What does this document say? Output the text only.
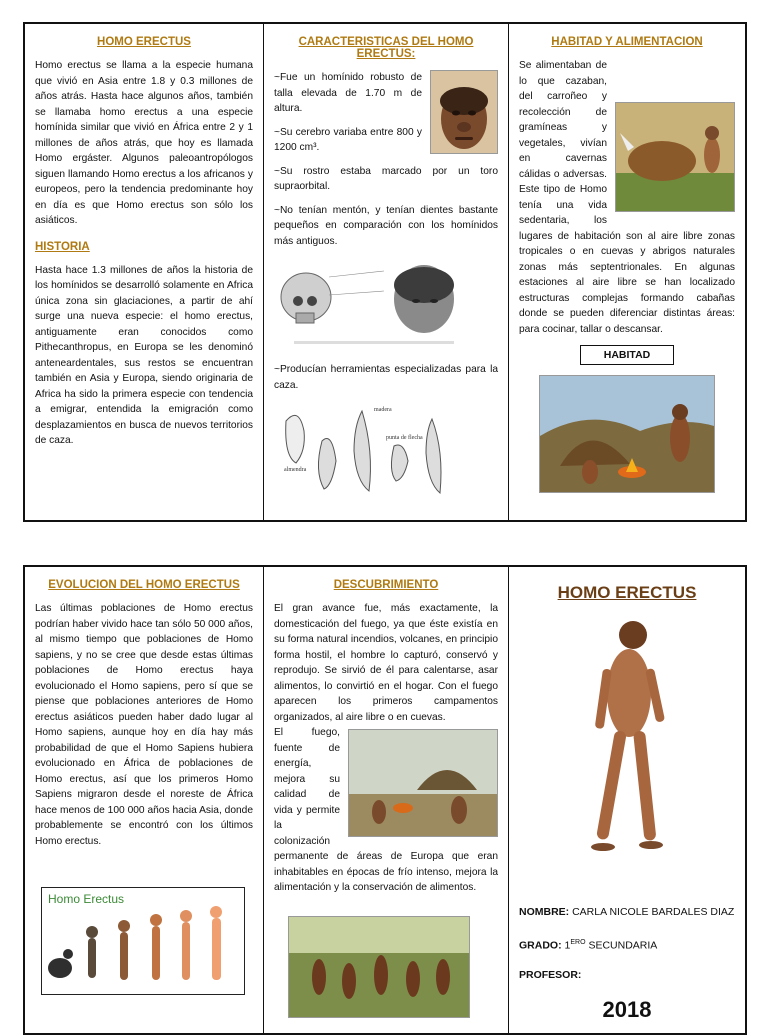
HOMO ERECTUS

Homo erectus se llama a la especie humana que vivió en Asia entre 1.8 y 0.3 millones de años atrás. Hasta hace algunos años, también se llamaba homo erectus a una especie homínida similar que vivió en África entre 2 y 1 millones de años atrás, que hoy es llamada Homo ergáster. Algunos paleoantropólogos siguen llamando Homo erectus a los africanos y europeos, pero la tendencia predominante hoy en día es que Homo erectus son sólo los asiáticos.

HISTORIA

Hasta hace 1.3 millones de años la historia de los homínidos se desarrolló solamente en Africa única zona sin glaciaciones, a partir de ahí surge una nueva especie: el homo erectus, antiguamente eran conocidos como Pithecanthropus, en Europa se les denominó anteneardentales, sus restos se encuentran también en Asia y Europa, siendo originaria de Africa ha sido la primera especie con tendencia a emigrar, entendida la emigración como desplazamientos en busca de nuevos territorios de caza.

CARACTERISTICAS DEL HOMO ERECTUS:

~Fue un homínido robusto de talla elevada de 1.70 m de altura.

~Su cerebro variaba entre 800 y 1200 cm³.

~Su rostro estaba marcado por un toro supraorbital.

~No tenían mentón, y tenían dientes bastante pequeños en comparación con los homínidos más antiguos.

~Producían herramientas especializadas para la caza.

madera
punta de flecha
almendra
HABITAD Y ALIMENTACION

Se alimentaban de lo que cazaban, del carroñeo y recolección de gramíneas y vegetales, vivían en cavernas cálidas o adversas. Este tipo de Homo tenía una vida sedentaria, los lugares de habitación son al aire libre zonas tropicales o en cuevas y abrigos naturales zonas más septentrionales. En algunas estaciones al aire libre se han localizado estructuras complejas formando cabañas donde se pueden diferenciar distintas áreas: para cocinar, tallar o descansar.

HABITAD
EVOLUCION DEL HOMO ERECTUS

Las últimas poblaciones de Homo erectus podrían haber vivido hace tan sólo 50 000 años, al mismo tiempo que poblaciones de Homo sapiens, y no se cree que desde estas últimas poblaciones de Homo erectus haya evolucionado el Homo sapiens, pero sí que se piense que poblaciones anteriores de Homo erectus asiáticos pueden haber dado lugar al Homo sapiens, aunque hoy en día hay más probabilidad de que el Homo Sapiens hubiera evolucionado en África de poblaciones de Homo erectus, así que los primeros Homo Sapiens migraron desde el noreste de África hace menos de 100 000 años hacia Asia, donde probablemente se encontró con los últimos Homo erectus.

Homo Erectus
DESCUBRIMIENTO

El gran avance fue, más exactamente, la domesticación del fuego, ya que éste existía en su forma natural incendios, volcanes, en principio forma hostil, el hombre lo capturó, conservó y reprodujo. Se sirvió de él para calentarse, asar alimentos, lo convirtió en el hogar. Con el fuego aparecen los primeros campamentos organizados, al aire libre o en cuevas.

El fuego, fuente de energía, mejora su calidad de vida y permite la colonización permanente de áreas de Europa que eran inhabitables en épocas de frío intenso, mejora la alimentación y la conservación de alimentos.

HOMO ERECTUS

NOMBRE: CARLA NICOLE BARDALES DIAZ

GRADO: $1^{ERO}$ SECUNDARIA

PROFESOR:

2018
